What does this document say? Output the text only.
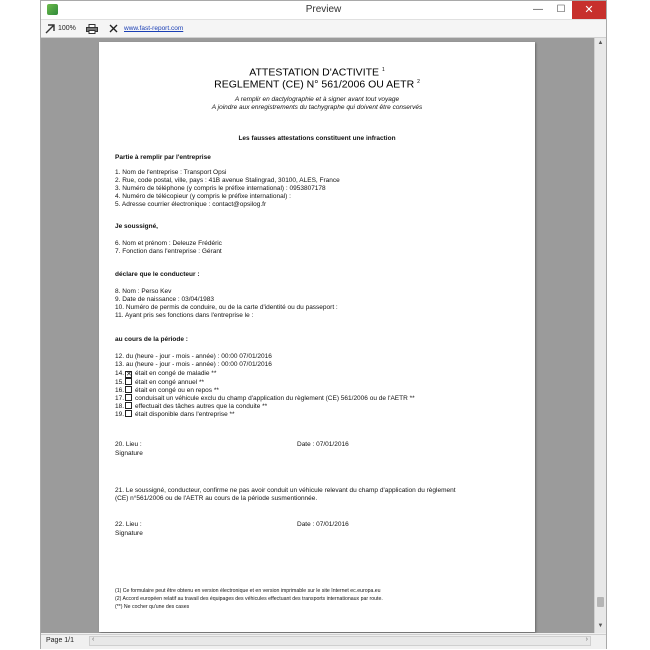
Preview	—	☐	✕
100%	www.fast-report.com
ATTESTATION D'ACTIVITE $^1$
REGLEMENT (CE) N° 561/2006 OU AETR $^2$
A remplir en dactylographie et à signer avant tout voyage
A joindre aux enregistrements du tachygraphe qui doivent être conservés
Les fausses attestations constituent une infraction
Partie à remplir par l'entreprise
1. Nom de l'entreprise : Transport Opsi
2. Rue, code postal, ville, pays : 41B avenue Stalingrad, 30100, ALES, France
3. Numéro de téléphone (y compris le préfixe international) : 0953807178
4. Numéro de télécopieur (y compris le préfixe international) :
5. Adresse courrier électronique : contact@opsilog.fr
Je soussigné,
6. Nom et prénom : Deleuze Frédéric
7. Fonction dans l'entreprise : Gérant
déclare que le conducteur :
8. Nom : Perso Kev
9. Date de naissance : 03/04/1983
10. Numéro de permis de conduire, ou de la carte d'identité ou du passeport :
11. Ayant pris ses fonctions dans l'entreprise le :
au cours de la période :
12. du (heure - jour - mois - année) : 00:00 07/01/2016
13. au (heure - jour - mois - année) : 00:00 07/01/2016
14. ✕ était en congé de maladie **
15. était en congé annuel **
16. était en congé ou en repos **
17. conduisait un véhicule exclu du champ d'application du règlement (CE) 561/2006 ou de l'AETR **
18. effectuait des tâches autres que la conduite **
19. était disponible dans l'entreprise **
20. Lieu :	Date : 07/01/2016
Signature
21. Le soussigné, conducteur, confirme ne pas avoir conduit un véhicule relevant du champ d'application du règlement
(CE) n°561/2006 ou de l'AETR au cours de la période susmentionnée.
22. Lieu :	Date : 07/01/2016
Signature
(1) Ce formulaire peut être obtenu en version électronique et en version imprimable sur le site Internet ec.europa.eu
(2) Accord européen relatif au travail des équipages des véhicules effectuant des transports internationaux par route.
(**) Ne cocher qu'une des cases
▲
▼
Page 1/1	‹	›
